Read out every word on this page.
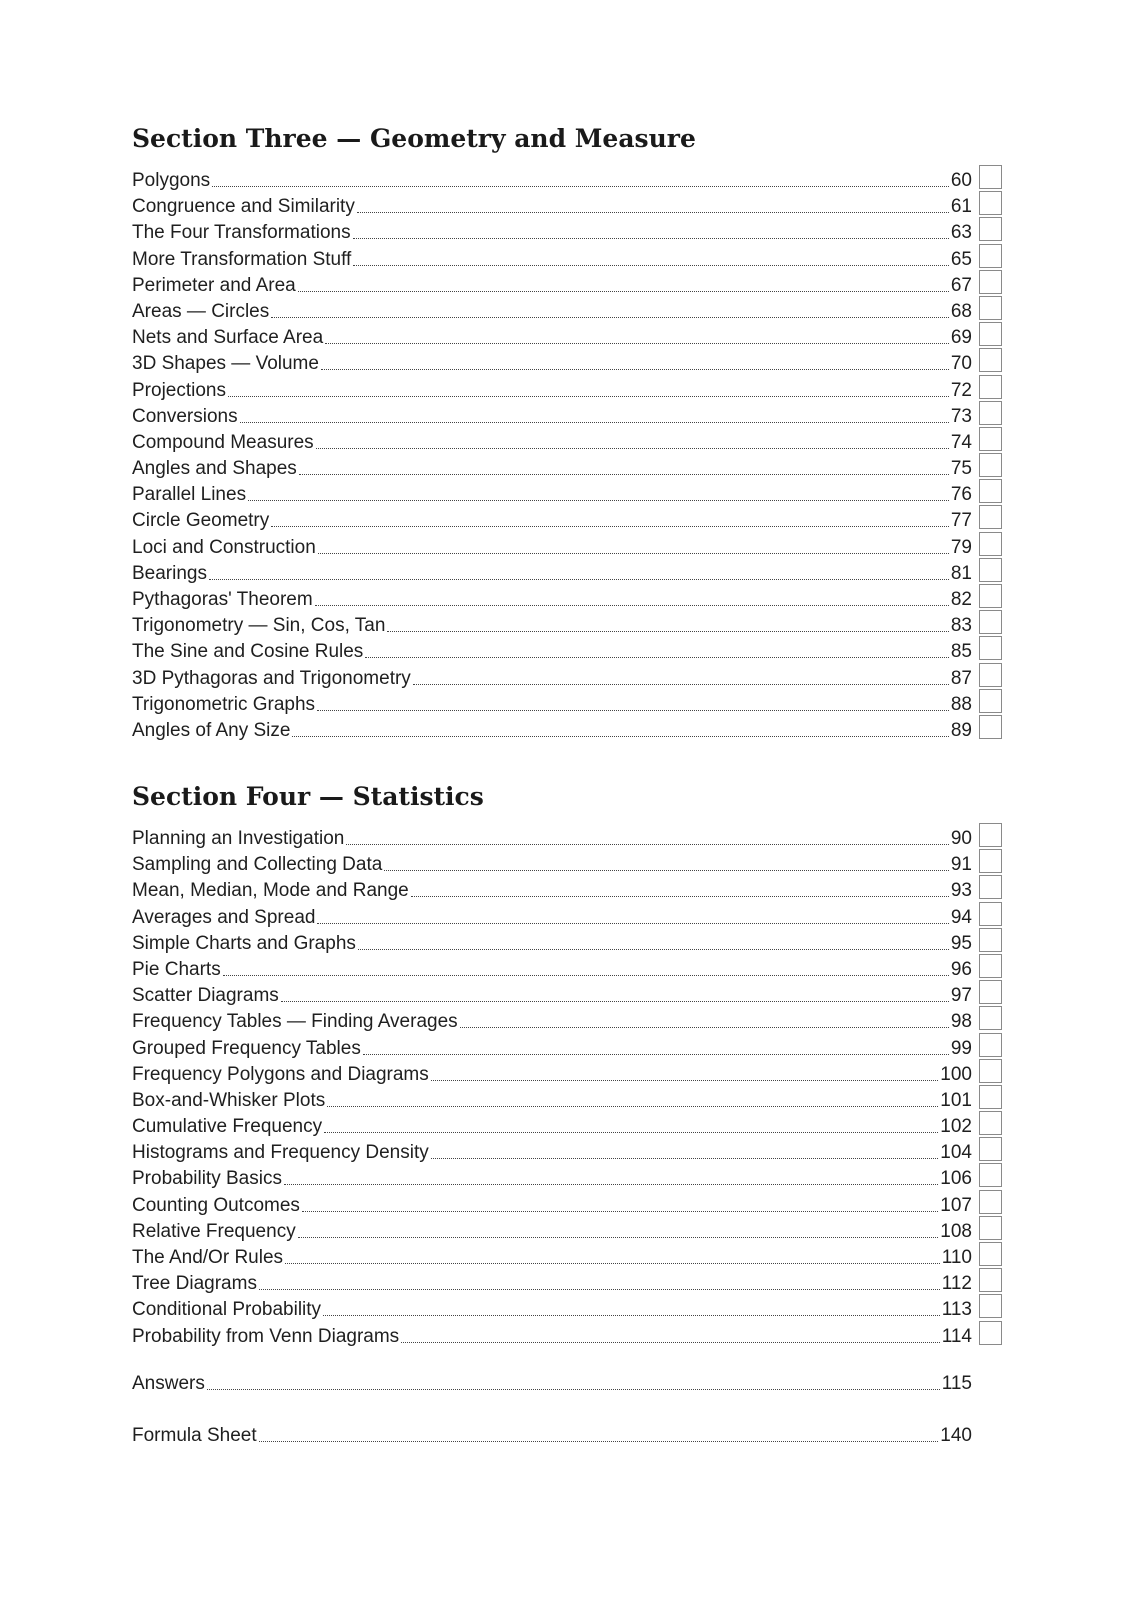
Section Three — Geometry and Measure
Polygons	60
Congruence and Similarity	61
The Four Transformations	63
More Transformation Stuff	65
Perimeter and Area	67
Areas — Circles	68
Nets and Surface Area	69
3D Shapes — Volume	70
Projections	72
Conversions	73
Compound Measures	74
Angles and Shapes	75
Parallel Lines	76
Circle Geometry	77
Loci and Construction	79
Bearings	81
Pythagoras' Theorem	82
Trigonometry — Sin, Cos, Tan	83
The Sine and Cosine Rules	85
3D Pythagoras and Trigonometry	87
Trigonometric Graphs	88
Angles of Any Size	89
Section Four — Statistics
Planning an Investigation	90
Sampling and Collecting Data	91
Mean, Median, Mode and Range	93
Averages and Spread	94
Simple Charts and Graphs	95
Pie Charts	96
Scatter Diagrams	97
Frequency Tables — Finding Averages	98
Grouped Frequency Tables	99
Frequency Polygons and Diagrams	100
Box-and-Whisker Plots	101
Cumulative Frequency	102
Histograms and Frequency Density	104
Probability Basics	106
Counting Outcomes	107
Relative Frequency	108
The And/Or Rules	110
Tree Diagrams	112
Conditional Probability	113
Probability from Venn Diagrams	114
Answers	115
Formula Sheet	140
